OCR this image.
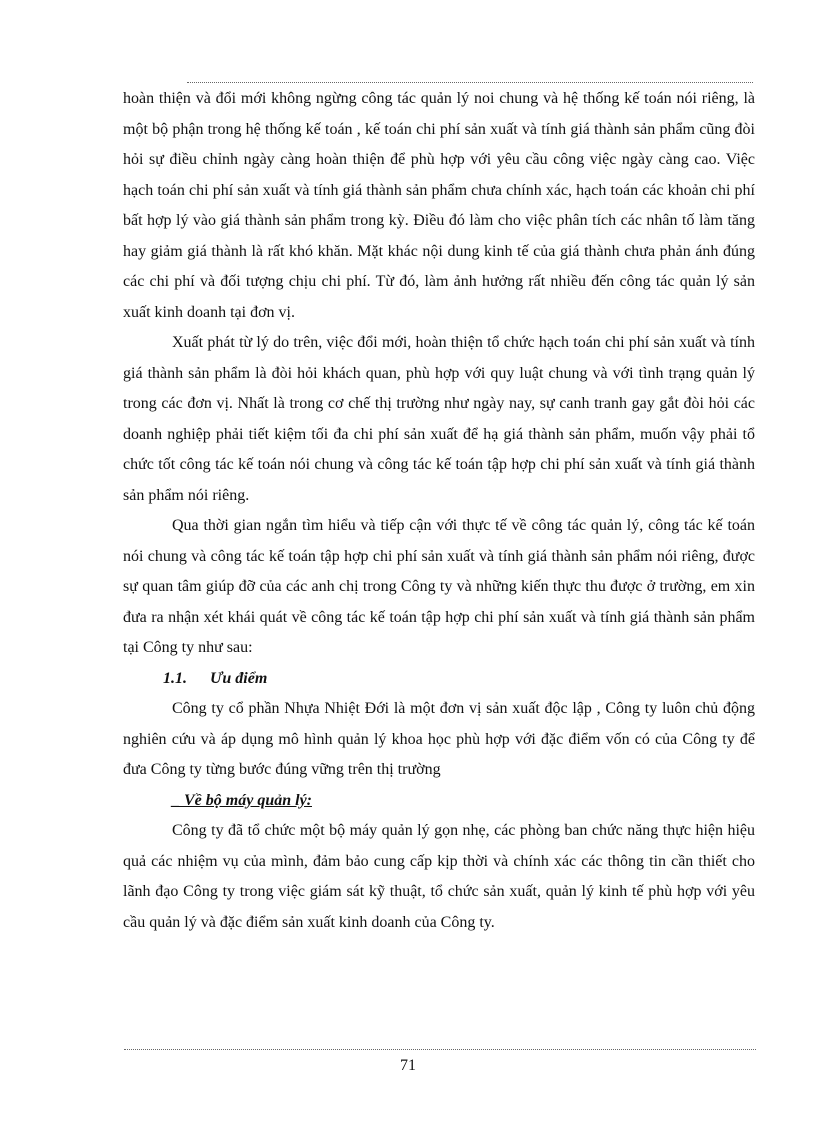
hoàn thiện và đổi mới không ngừng công tác quản lý noi chung và hệ thống kế toán nói riêng, là một bộ phận trong hệ thống kế toán , kế toán chi phí sản xuất và tính giá thành sản phẩm cũng đòi hỏi sự điều chỉnh ngày càng hoàn thiện để phù hợp với yêu cầu công việc ngày càng cao. Việc hạch toán chi phí sản xuất và tính giá thành sản phẩm chưa chính xác, hạch toán các khoản chi phí bất hợp lý vào giá thành sản phẩm trong kỳ. Điều đó làm cho việc phân tích các nhân tố làm tăng hay giảm giá thành là rất khó khăn. Mặt khác nội dung kinh tế của giá thành chưa phản ánh đúng các chi phí và đối tượng chịu chi phí. Từ đó, làm ảnh hưởng rất nhiều đến công tác quản lý sản xuất kinh doanh tại đơn vị.

Xuất phát từ lý do trên, việc đổi mới, hoàn thiện tổ chức hạch toán chi phí sản xuất và tính giá thành sản phẩm là đòi hỏi khách quan, phù hợp với quy luật chung và với tình trạng quản lý trong các đơn vị. Nhất là trong cơ chế thị trường như ngày nay, sự canh tranh gay gắt đòi hỏi các doanh nghiệp phải tiết kiệm tối đa chi phí sản xuất để hạ giá thành sản phẩm, muốn vậy phải tổ chức tốt công tác kế toán nói chung và công tác kế toán tập hợp chi phí sản xuất và tính giá thành sản phẩm nói riêng.

Qua thời gian ngắn tìm hiểu và tiếp cận với thực tế về công tác quản lý, công tác kế toán nói chung và công tác kế toán tập hợp chi phí sản xuất và tính giá thành sản phẩm nói riêng, được sự quan tâm giúp đỡ của các anh chị trong Công ty và những kiến thực thu được ở trường, em xin đưa ra nhận xét khái quát về công tác kế toán tập hợp chi phí sản xuất và tính giá thành sản phẩm tại Công ty như sau:

1.1. Ưu điểm

Công ty cổ phần Nhựa Nhiệt Đới là một đơn vị sản xuất độc lập , Công ty luôn chủ động nghiên cứu và áp dụng mô hình quản lý khoa học phù hợp với đặc điểm vốn có của Công ty để đưa Công ty từng bước đúng vững trên thị trường

_ Về bộ máy quản lý:

Công ty đã tổ chức một bộ máy quản lý gọn nhẹ, các phòng ban chức năng thực hiện hiệu quả các nhiệm vụ của mình, đảm bảo cung cấp kịp thời và chính xác các thông tin cần thiết cho lãnh đạo Công ty trong việc giám sát kỹ thuật, tổ chức sản xuất, quản lý kinh tế phù hợp với yêu cầu quản lý và đặc điểm sản xuất kinh doanh của Công ty.

71
